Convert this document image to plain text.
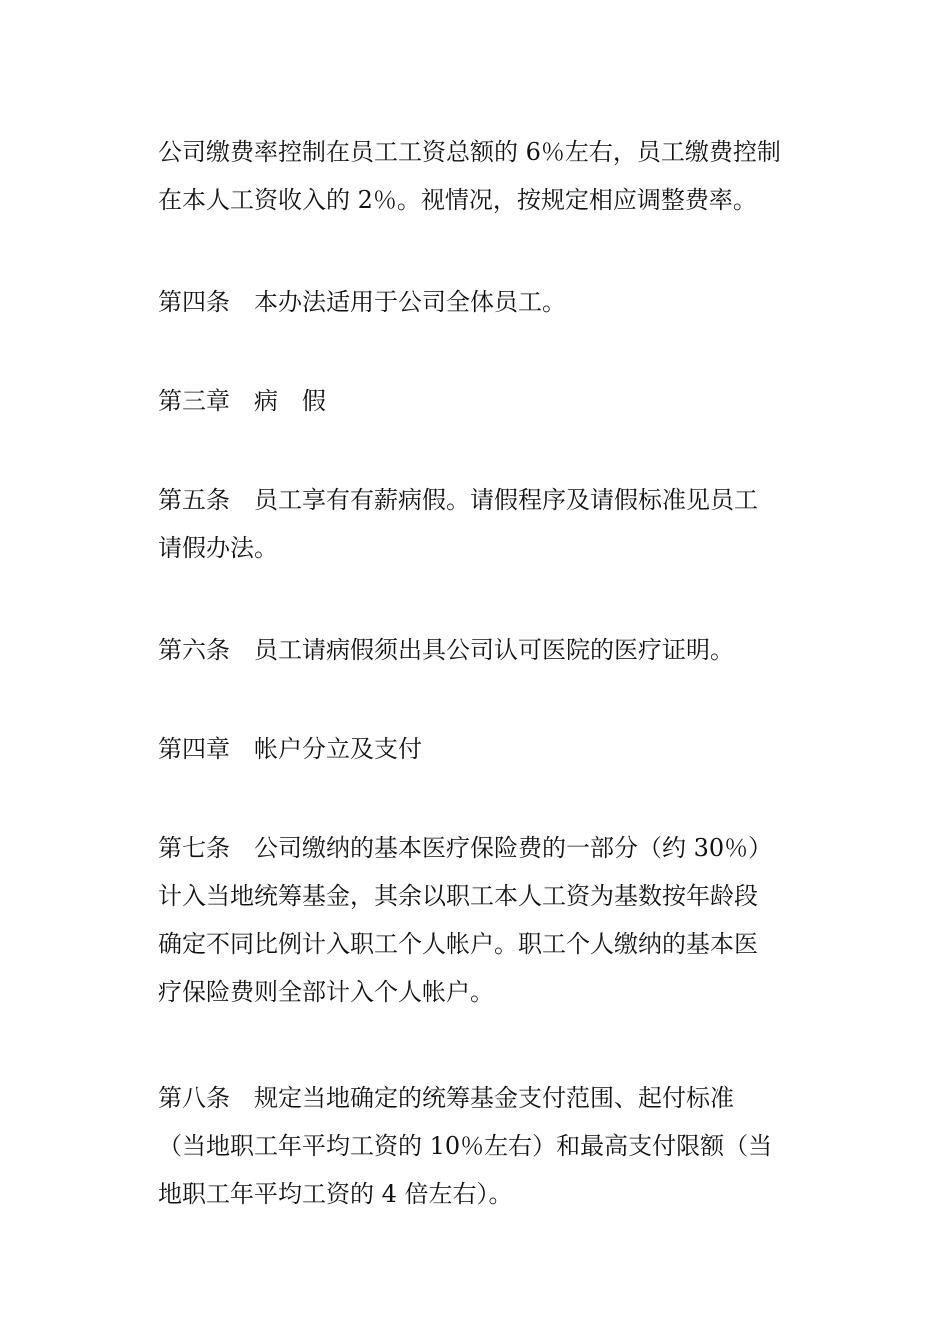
公司缴费率控制在员工工资总额的 6％左右，员工缴费控制
在本人工资收入的 2％。视情况，按规定相应调整费率。

第四条　本办法适用于公司全体员工。

第三章　病　假

第五条　员工享有有薪病假。请假程序及请假标准见员工
请假办法。

第六条　员工请病假须出具公司认可医院的医疗证明。

第四章　帐户分立及支付

第七条　公司缴纳的基本医疗保险费的一部分（约 30％）
计入当地统筹基金，其余以职工本人工资为基数按年龄段
确定不同比例计入职工个人帐户。职工个人缴纳的基本医
疗保险费则全部计入个人帐户。

第八条　规定当地确定的统筹基金支付范围、起付标准
（当地职工年平均工资的 10％左右）和最高支付限额（当
地职工年平均工资的 4 倍左右）。
